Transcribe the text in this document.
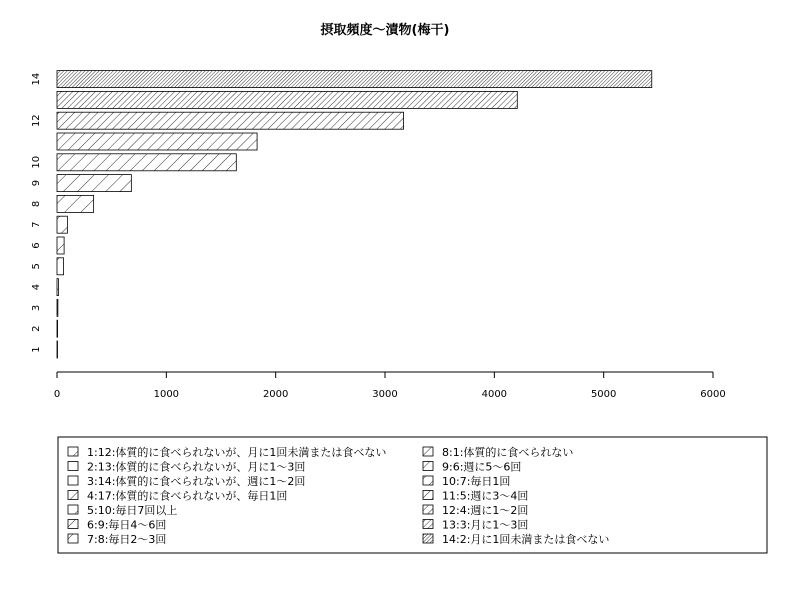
摂取頻度～漬物(梅干)
0	1000	2000	3000	4000	5000	6000
1
2
3
4
5
6
7
8
9
10
12
14
1:12:体質的に食べられないが、月に1回未満または食べない
2:13:体質的に食べられないが、月に1～3回
3:14:体質的に食べられないが、週に1～2回
4:17:体質的に食べられないが、毎日1回
5:10:毎日7回以上
6:9:毎日4～6回
7:8:毎日2～3回
8:1:体質的に食べられない
9:6:週に5～6回
10:7:毎日1回
11:5:週に3～4回
12:4:週に1～2回
13:3:月に1～3回
14:2:月に1回未満または食べない
